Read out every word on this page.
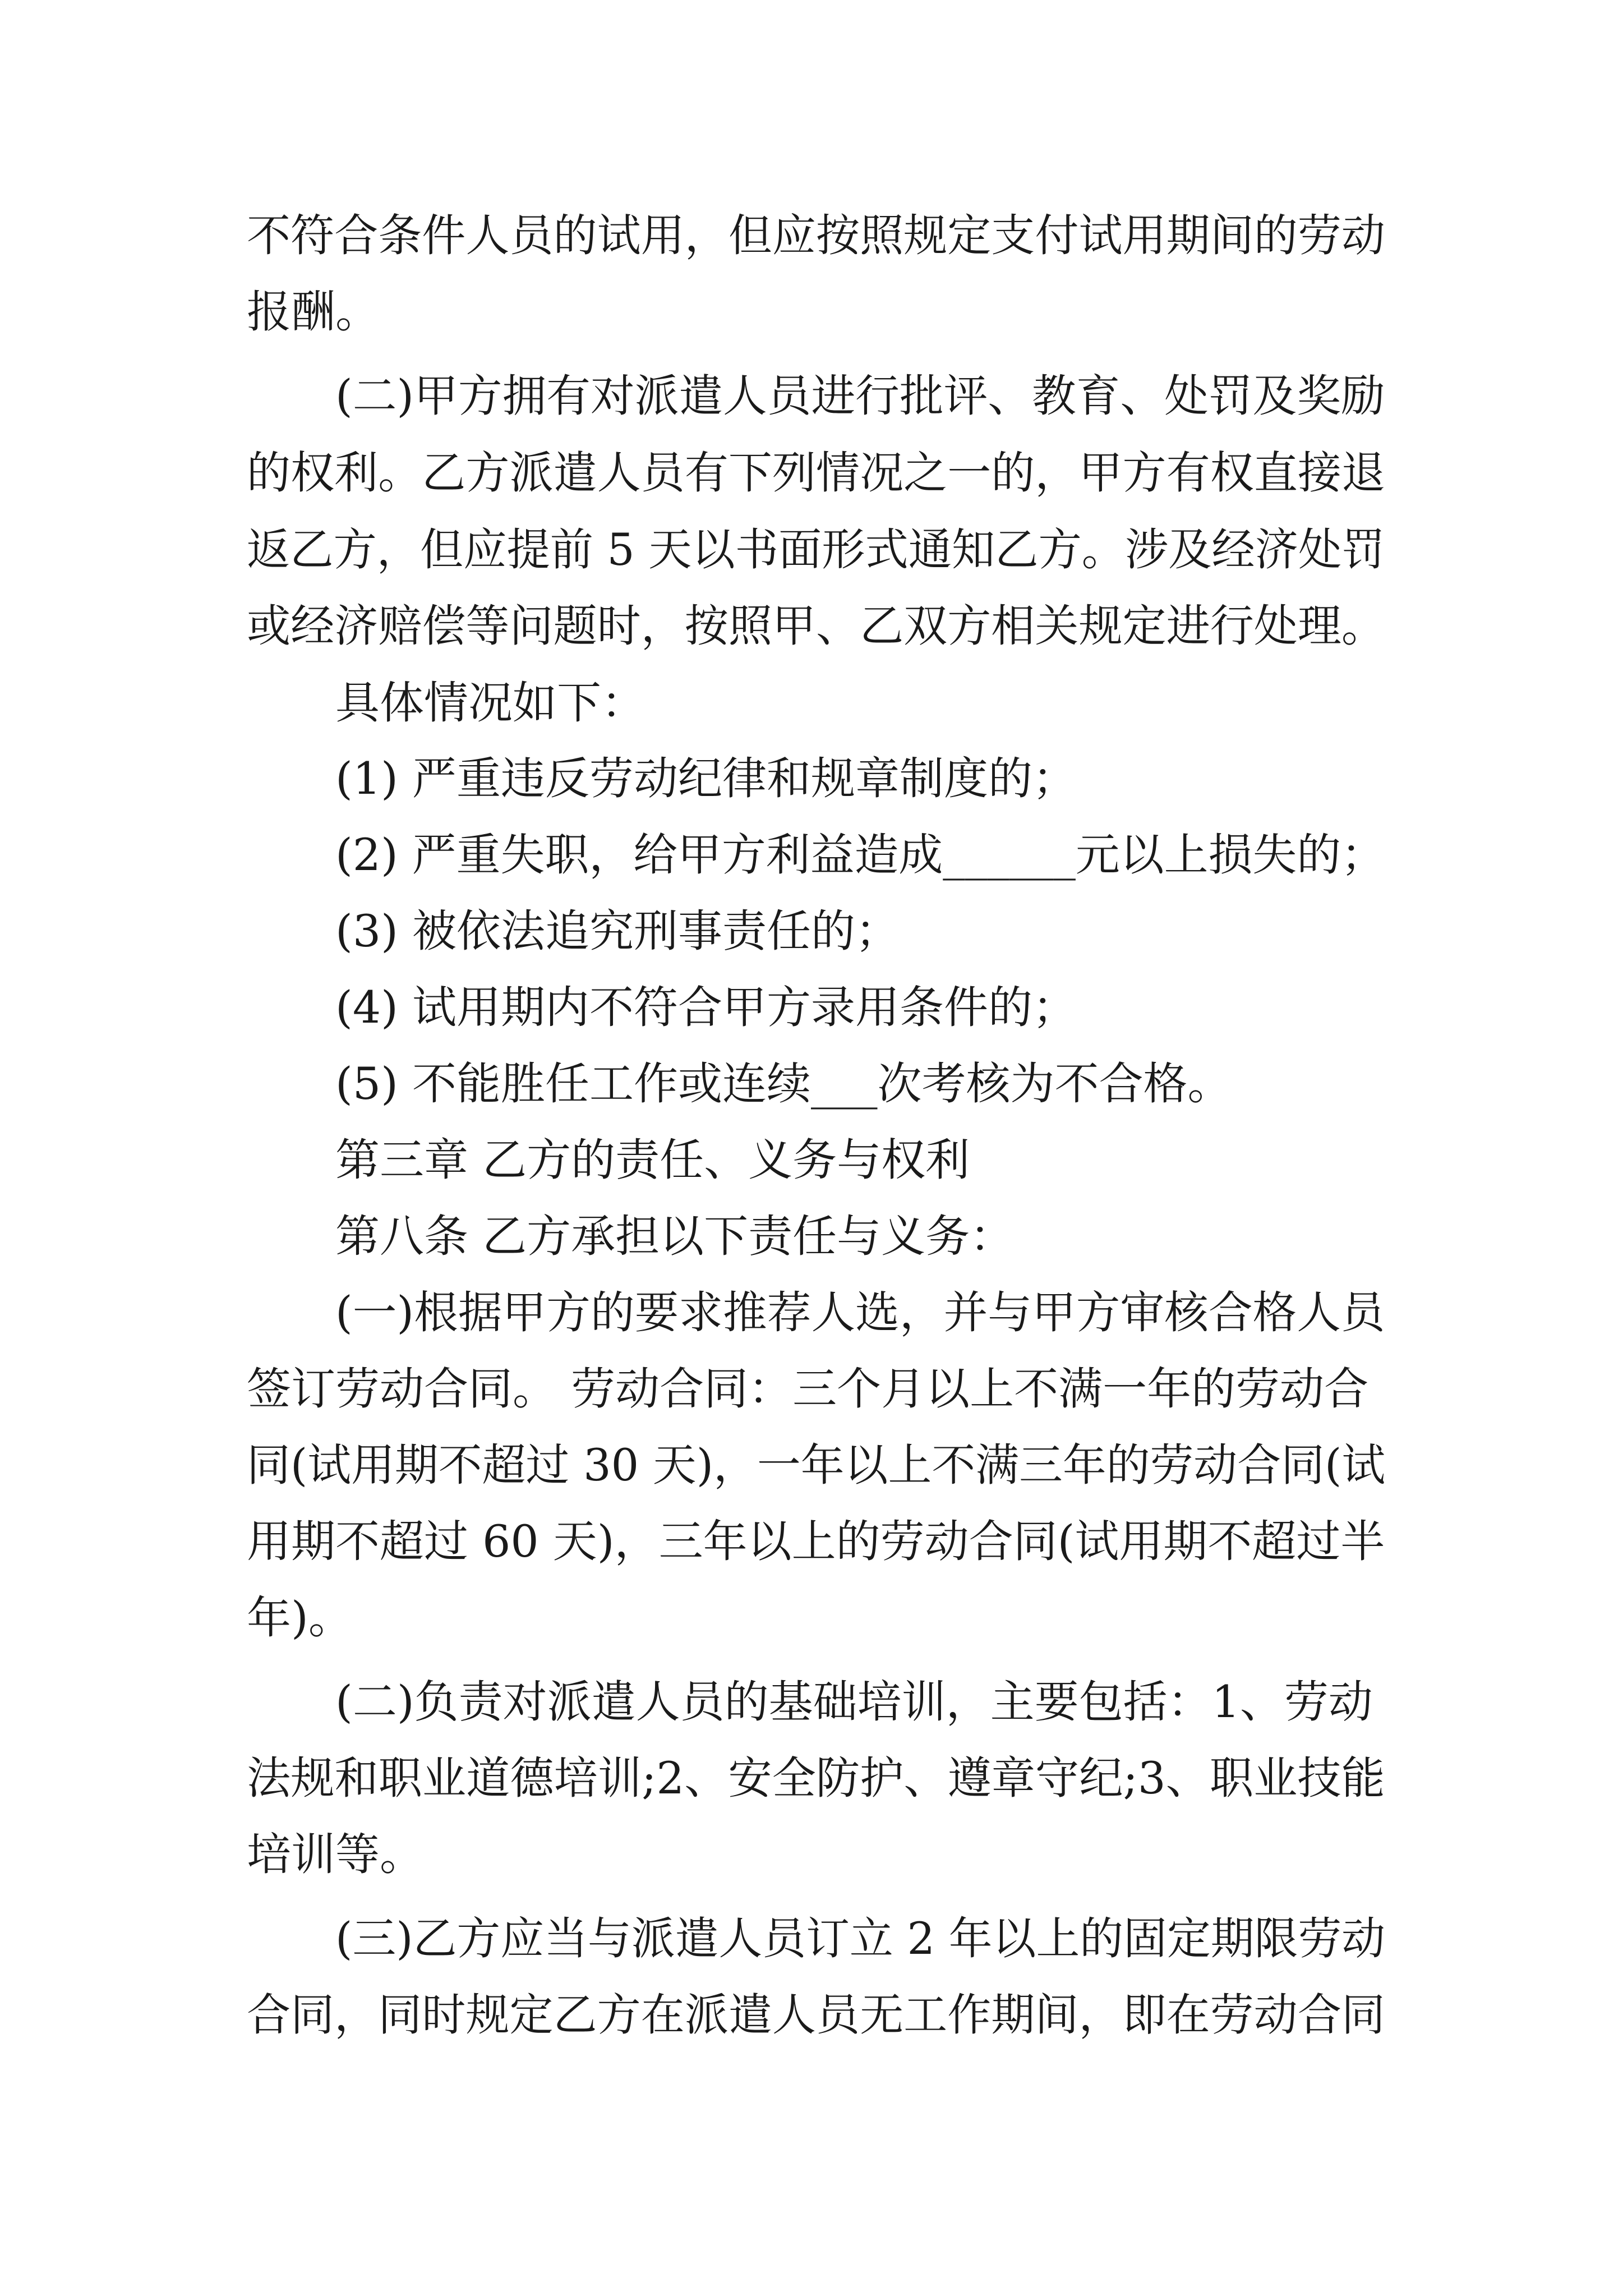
不符合条件人员的试用，但应按照规定支付试用期间的劳动
报酬。
(二)甲方拥有对派遣人员进行批评、教育、处罚及奖励
的权利。乙方派遣人员有下列情况之一的，甲方有权直接退
返乙方，但应提前 5 天以书面形式通知乙方。涉及经济处罚
或经济赔偿等问题时，按照甲、乙双方相关规定进行处理。
具体情况如下：
(1) 严重违反劳动纪律和规章制度的；
(2) 严重失职，给甲方利益造成______元以上损失的；
(3) 被依法追究刑事责任的；
(4) 试用期内不符合甲方录用条件的；
(5) 不能胜任工作或连续___次考核为不合格。
第三章 乙方的责任、义务与权利
第八条 乙方承担以下责任与义务：
(一)根据甲方的要求推荐人选，并与甲方审核合格人员
签订劳动合同。 劳动合同：三个月以上不满一年的劳动合
同(试用期不超过 30 天)，一年以上不满三年的劳动合同(试
用期不超过 60 天)，三年以上的劳动合同(试用期不超过半
年)。
(二)负责对派遣人员的基础培训，主要包括：1、劳动
法规和职业道德培训;2、安全防护、遵章守纪;3、职业技能
培训等。
(三)乙方应当与派遣人员订立 2 年以上的固定期限劳动
合同，同时规定乙方在派遣人员无工作期间，即在劳动合同
